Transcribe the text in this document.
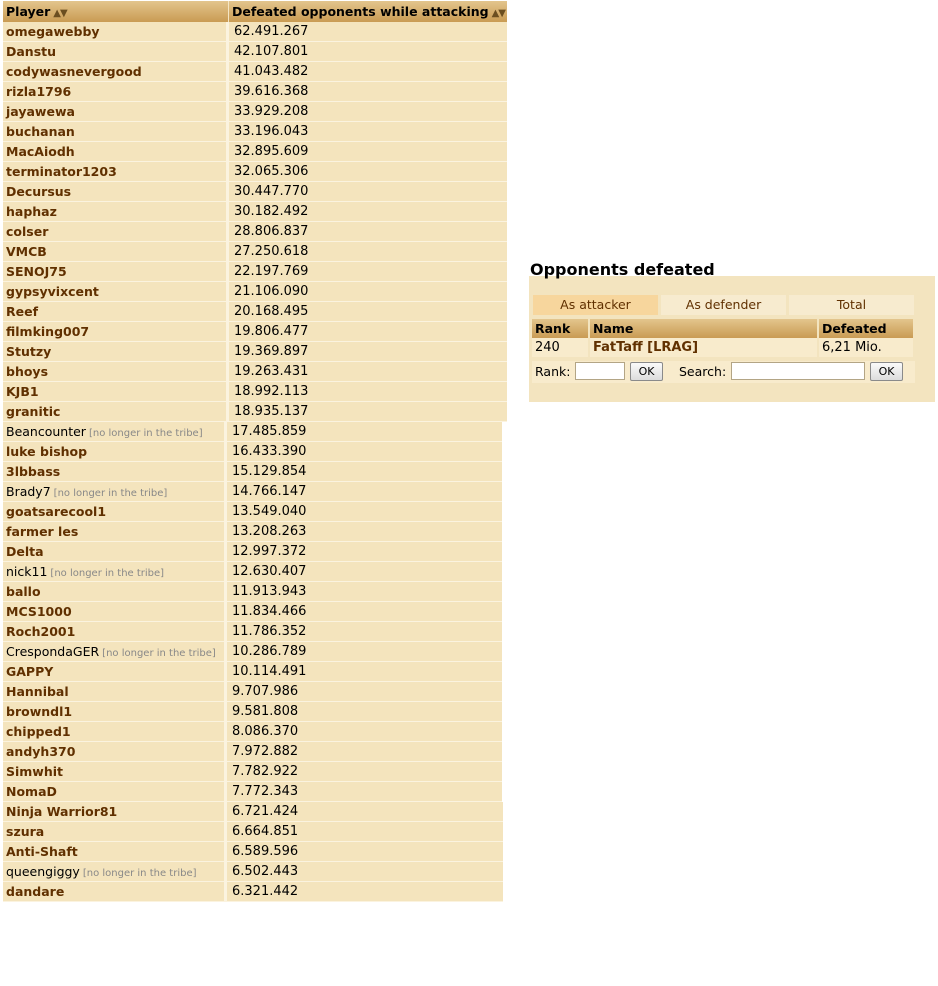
Player ▲▼	Defeated opponents while attacking ▲▼
omegawebby	62.491.267
Danstu	42.107.801
codywasnevergood	41.043.482
rizla1796	39.616.368
jayawewa	33.929.208
buchanan	33.196.043
MacAiodh	32.895.609
terminator1203	32.065.306
Decursus	30.447.770
haphaz	30.182.492
colser	28.806.837
VMCB	27.250.618
SENOJ75	22.197.769
gypsyvixcent	21.106.090
Reef	20.168.495
filmking007	19.806.477
Stutzy	19.369.897
bhoys	19.263.431
KJB1	18.992.113
granitic	18.935.137
Beancounter [no longer in the tribe]	17.485.859
luke bishop	16.433.390
3lbbass	15.129.854
Brady7 [no longer in the tribe]	14.766.147
goatsarecool1	13.549.040
farmer les	13.208.263
Delta	12.997.372
nick11 [no longer in the tribe]	12.630.407
ballo	11.913.943
MCS1000	11.834.466
Roch2001	11.786.352
CrespondaGER [no longer in the tribe]	10.286.789
GAPPY	10.114.491
Hannibal	9.707.986
browndl1	9.581.808
chipped1	8.086.370
andyh370	7.972.882
Simwhit	7.782.922
NomaD	7.772.343
Ninja Warrior81	6.721.424
szura	6.664.851
Anti-Shaft	6.589.596
queengiggy [no longer in the tribe]	6.502.443
dandare	6.321.442
Opponents defeated
As attacker	As defender	Total
Rank	Name	Defeated
240	FatTaff [LRAG]	6,21 Mio.
Rank:	OK	Search:	OK
